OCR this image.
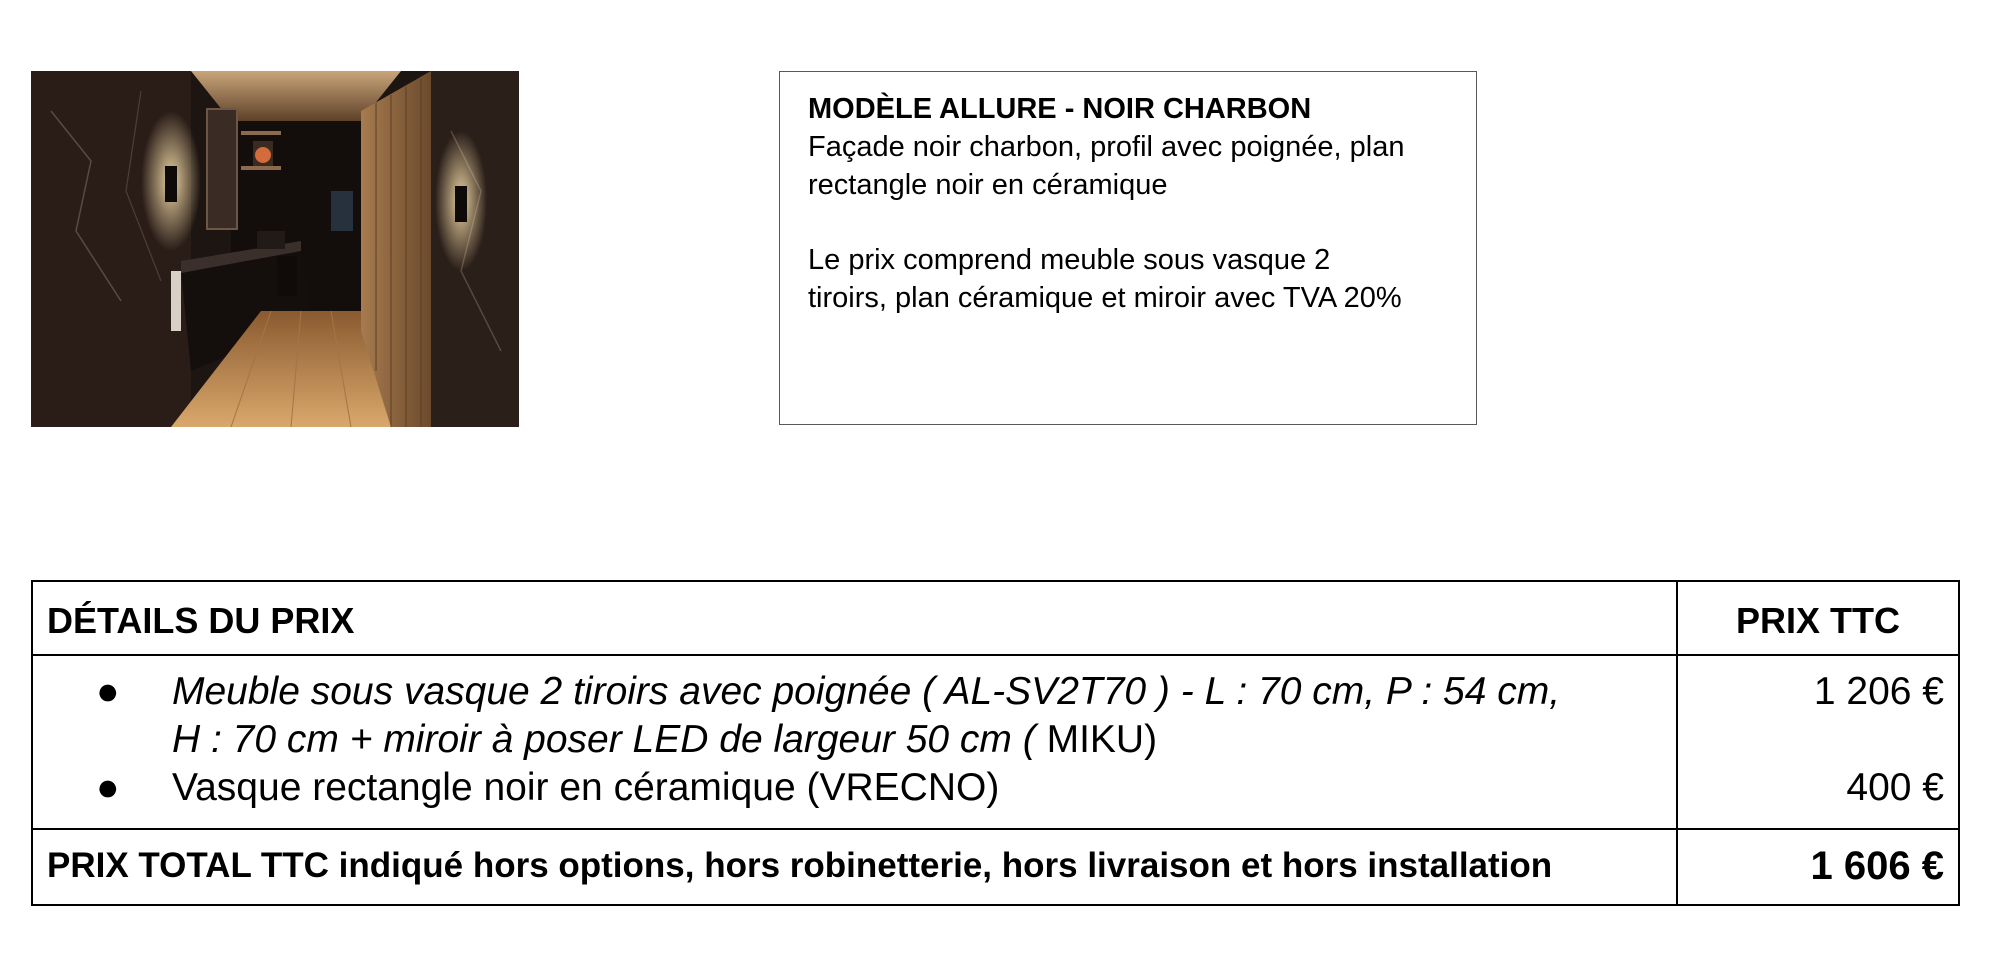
MODÈLE ALLURE - NOIR CHARBON

Façade noir charbon, profil avec poignée, plan

rectangle noir en céramique

Le prix comprend meuble sous vasque 2

tiroirs, plan céramique et miroir avec TVA 20%

DÉTAILS DU PRIX	PRIX TTC
● Meuble sous vasque 2 tiroirs avec poignée ( AL-SV2T70 ) - L : 70 cm, P : 54 cm,
H : 70 cm + miroir à poser LED de largeur 50 cm ( MIKU)
1 206 €
● Vasque rectangle noir en céramique (VRECNO)	400 €
PRIX TOTAL TTC indiqué hors options, hors robinetterie, hors livraison et hors installation	1 606 €
